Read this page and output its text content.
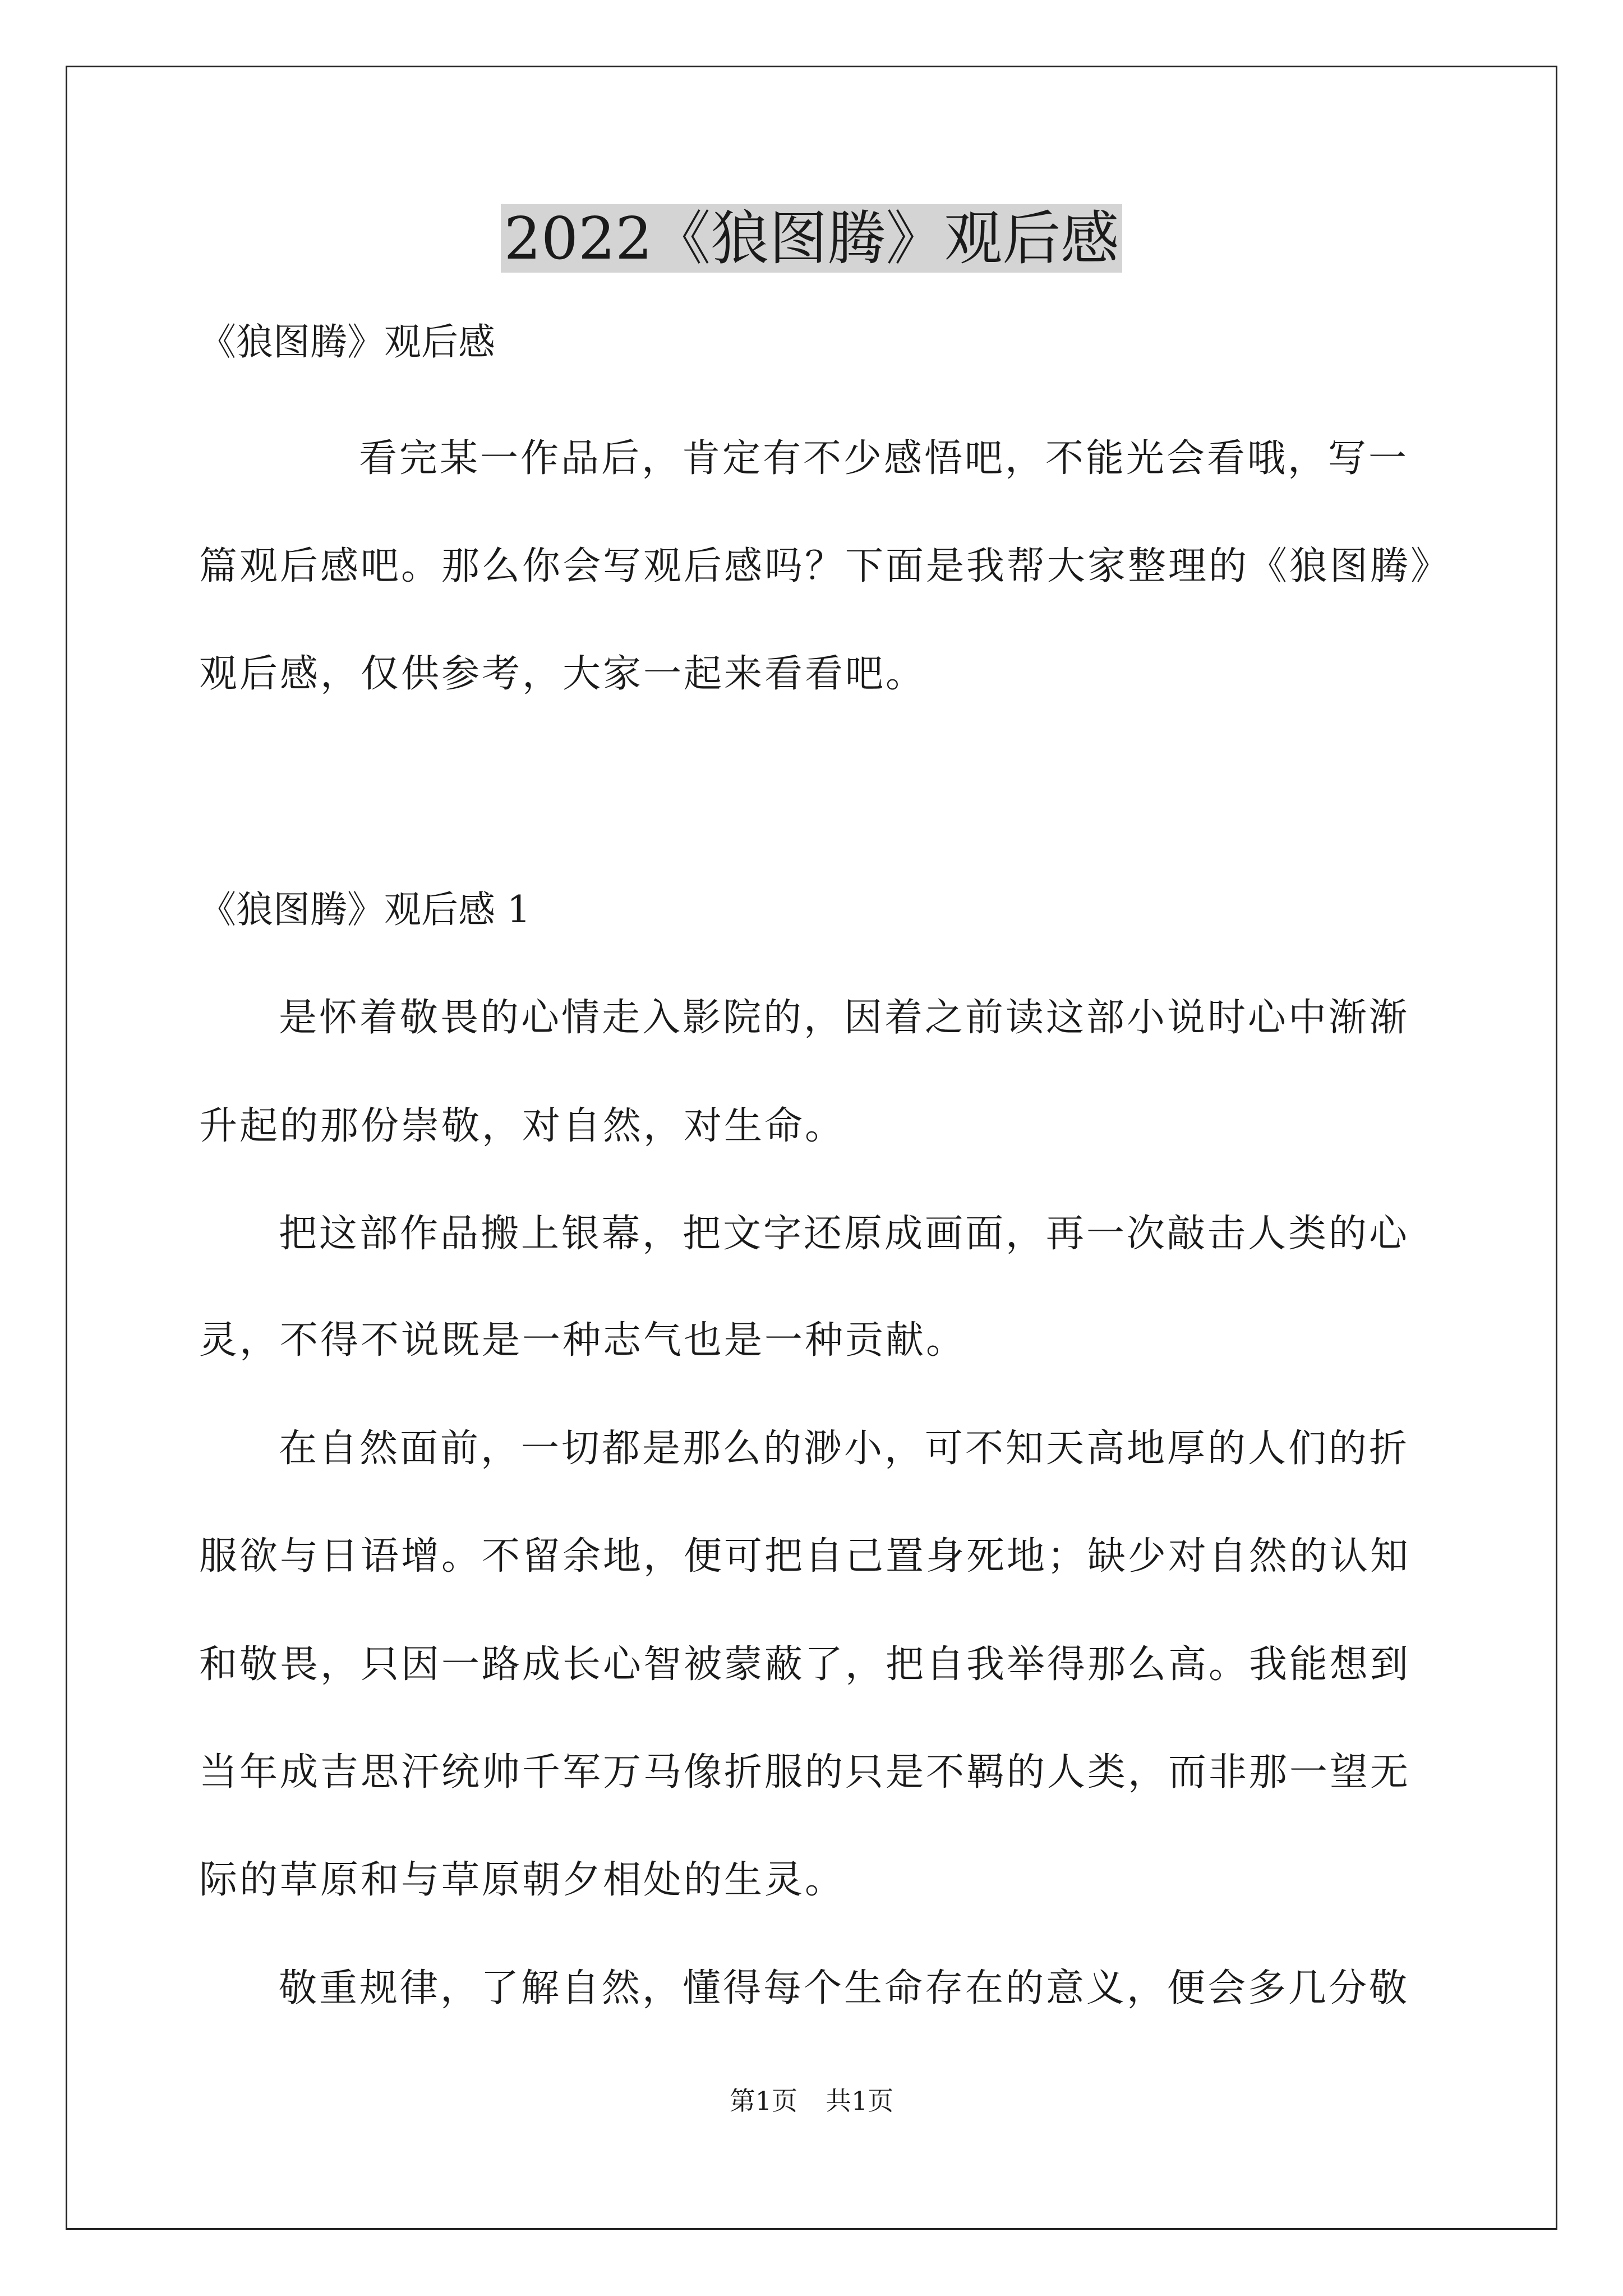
2022《狼图腾》观后感
《狼图腾》观后感
看完某一作品后，肯定有不少感悟吧，不能光会看哦，写一
篇观后感吧。那么你会写观后感吗？下面是我帮大家整理的《狼图腾》
观后感，仅供参考，大家一起来看看吧。
《狼图腾》观后感 1
是怀着敬畏的心情走入影院的，因着之前读这部小说时心中渐渐
升起的那份崇敬，对自然，对生命。
把这部作品搬上银幕，把文字还原成画面，再一次敲击人类的心
灵，不得不说既是一种志气也是一种贡献。
在自然面前，一切都是那么的渺小，可不知天高地厚的人们的折
服欲与日语增。不留余地，便可把自己置身死地；缺少对自然的认知
和敬畏，只因一路成长心智被蒙蔽了，把自我举得那么高。我能想到
当年成吉思汗统帅千军万马像折服的只是不羁的人类，而非那一望无
际的草原和与草原朝夕相处的生灵。
敬重规律，了解自然，懂得每个生命存在的意义，便会多几分敬
第1页 共1页
